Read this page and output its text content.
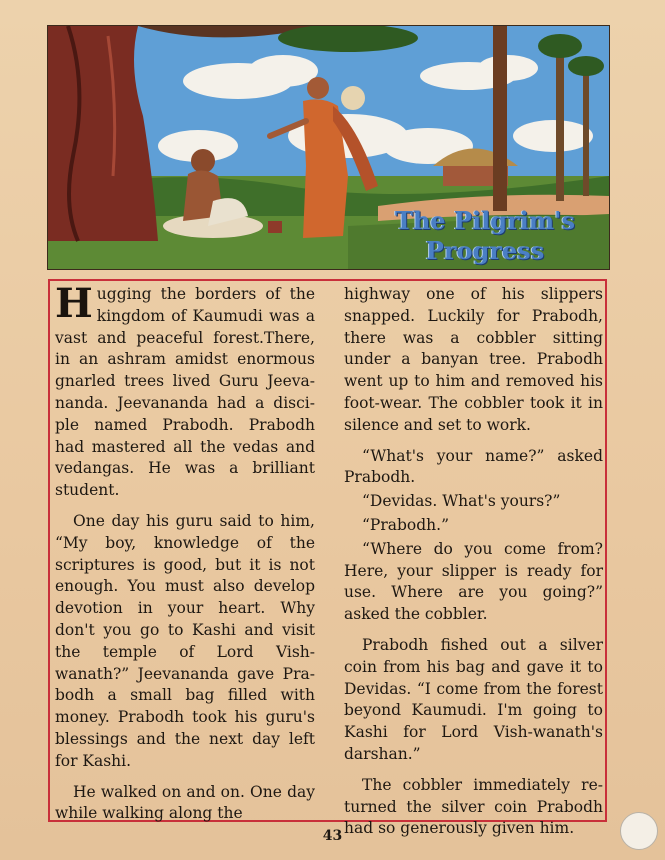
The Pilgrim's
Progress

Hugging the borders of the kingdom of Kaumudi was a vast and peaceful forest.There, in an ashram amidst enormous gnarled trees lived Guru Jeeva-nanda. Jeevananda had a disci-ple named Prabodh. Prabodh had mastered all the vedas and vedangas. He was a brilliant student.

One day his guru said to him, “My boy, knowledge of the scriptures is good, but it is not enough. You must also develop devotion in your heart. Why don't you go to Kashi and visit the temple of Lord Vish-wanath?” Jeevananda gave Pra-bodh a small bag filled with money. Prabodh took his guru's blessings and the next day left for Kashi.

He walked on and on. One day while walking along the

highway one of his slippers snapped. Luckily for Prabodh, there was a cobbler sitting under a banyan tree. Prabodh went up to him and removed his foot-wear. The cobbler took it in silence and set to work.

“What's your name?” asked Prabodh.

“Devidas. What's yours?”

“Prabodh.”

“Where do you come from? Here, your slipper is ready for use. Where are you going?” asked the cobbler.

Prabodh fished out a silver coin from his bag and gave it to Devidas. “I come from the forest beyond Kaumudi. I'm going to Kashi for Lord Vish-wanath's darshan.”

The cobbler immediately re-turned the silver coin Prabodh had so generously given him.

43
